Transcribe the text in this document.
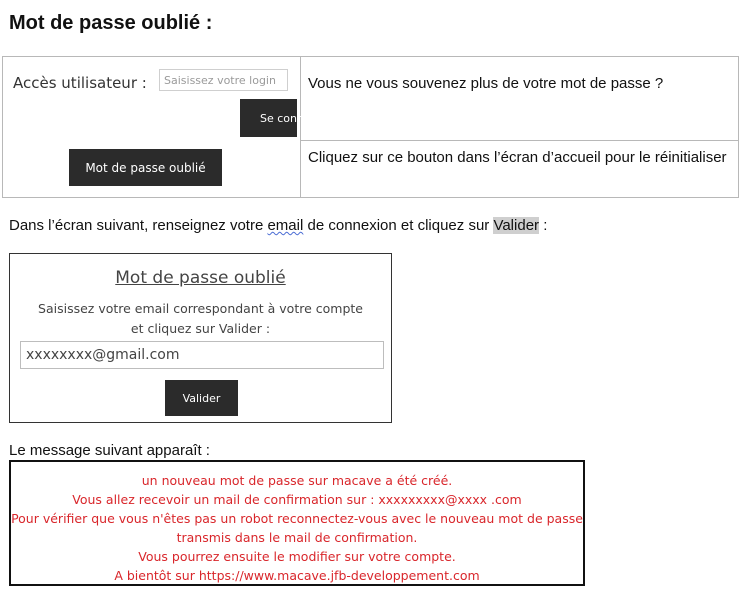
Mot de passe oublié :
Accès utilisateur :
Saisissez votre login
Se connecter
Mot de passe oublié
Vous ne vous souvenez plus de votre mot de passe ?
Cliquez sur ce bouton dans l’écran d’accueil pour le réinitialiser
Dans l’écran suivant, renseignez votre email de connexion et cliquez sur Valider :
Mot de passe oublié
Saisissez votre email correspondant à votre compte
et cliquez sur Valider :
xxxxxxxx@gmail.com
Valider
Le message suivant apparaît :
un nouveau mot de passe sur macave a été créé.
Vous allez recevoir un mail de confirmation sur : xxxxxxxxx@xxxx .com
Pour vérifier que vous n'êtes pas un robot reconnectez-vous avec le nouveau mot de passe
transmis dans le mail de confirmation.
Vous pourrez ensuite le modifier sur votre compte.
A bientôt sur https://www.macave.jfb-developpement.com
